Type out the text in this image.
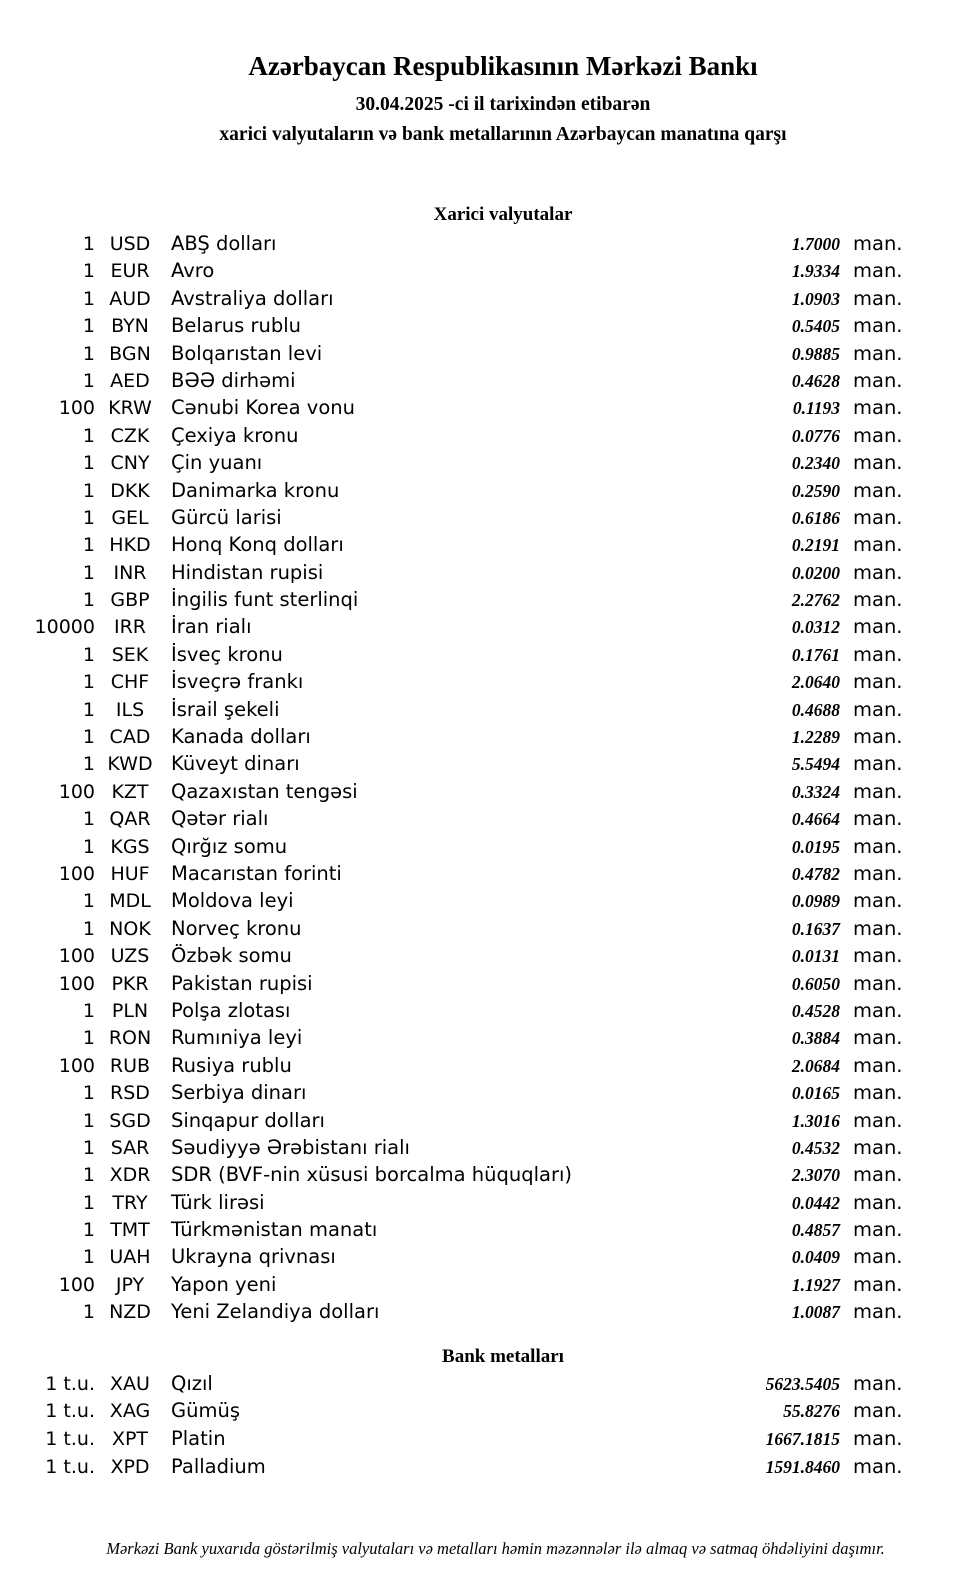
Azərbaycan Respublikasının Mərkəzi Bankı
30.04.2025 -ci il tarixindən etibarən
xarici valyutaların və bank metallarının Azərbaycan manatına qarşı
Xarici valyutalar
1 USD	ABŞ dolları	1.7000 man.
1 EUR	Avro	1.9334 man.
1 AUD	Avstraliya dolları	1.0903 man.
1 BYN	Belarus rublu	0.5405 man.
1 BGN	Bolqarıstan levi	0.9885 man.
1 AED	BƏƏ dirhəmi	0.4628 man.
100 KRW Cənubi Korea vonu	0.1193 man.
1 CZK	Çexiya kronu	0.0776 man.
1 CNY	Çin yuanı	0.2340 man.
1 DKK	Danimarka kronu	0.2590 man.
1 GEL	Gürcü larisi	0.6186 man.
1 HKD	Honq Konq dolları	0.2191 man.
1 INR	Hindistan rupisi	0.0200 man.
1 GBP	İngilis funt sterlinqi	2.2762 man.
10000 IRR	İran rialı	0.0312 man.
1 SEK	İsveç kronu	0.1761 man.
1 CHF	İsveçrə frankı	2.0640 man.
1	ILS	İsrail şekeli	0.4688 man.
1 CAD	Kanada dolları	1.2289 man.
1 KWD Küveyt dinarı	5.5494 man.
100 KZT	Qazaxıstan tengəsi	0.3324 man.
1 QAR	Qətər rialı	0.4664 man.
1 KGS	Qırğız somu	0.0195 man.
100 HUF	Macarıstan forinti	0.4782 man.
1 MDL	Moldova leyi	0.0989 man.
1 NOK	Norveç kronu	0.1637 man.
100 UZS	Özbək somu	0.0131 man.
100 PKR	Pakistan rupisi	0.6050 man.
1 PLN	Polşa zlotası	0.4528 man.
1 RON	Rumıniya leyi	0.3884 man.
100 RUB	Rusiya rublu	2.0684 man.
1 RSD	Serbiya dinarı	0.0165 man.
1 SGD	Sinqapur dolları	1.3016 man.
1 SAR	Səudiyyə Ərəbistanı rialı	0.4532 man.
1 XDR	SDR (BVF-nin xüsusi borcalma hüquqları)	2.3070 man.
1 TRY	Türk lirəsi	0.0442 man.
1 TMT	Türkmənistan manatı	0.4857 man.
1 UAH	Ukrayna qrivnası	0.0409 man.
100	JPY	Yapon yeni	1.1927 man.
1 NZD	Yeni Zelandiya dolları	1.0087 man.
Bank metalları
1 t.u. XAU	Qızıl	5623.5405 man.
1 t.u. XAG	Gümüş	55.8276 man.
1 t.u. XPT	Platin	1667.1815 man.
1 t.u. XPD	Palladium	1591.8460 man.
Mərkəzi Bank yuxarıda göstərilmiş valyutaları və metalları həmin məzənnələr ilə almaq və satmaq öhdəliyini daşımır.
